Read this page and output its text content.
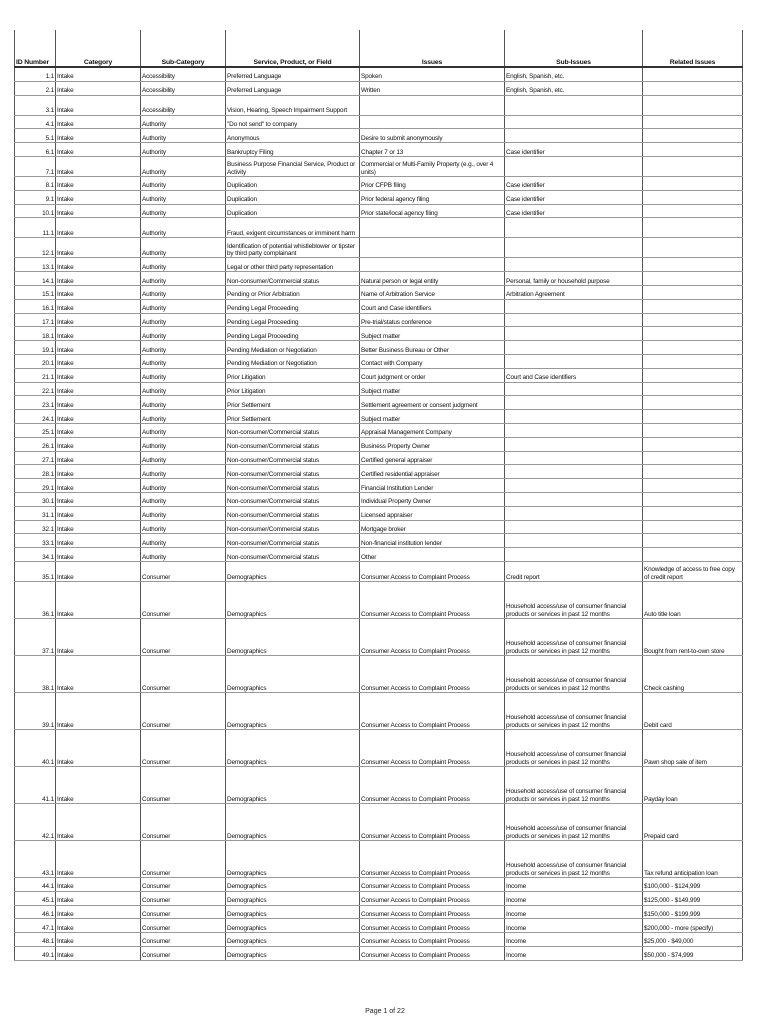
ID Number	Category	Sub-Category	Service, Product, or Field	Issues	Sub-Issues	Related Issues
1.1	Intake	Accessibility	Preferred Language	Spoken	English, Spanish, etc.	
2.1	Intake	Accessibility	Preferred Language	Written	English, Spanish, etc.	
3.1	Intake	Accessibility	Vision, Hearing, Speech Impairment Support			
4.1	Intake	Authority	"Do not send" to company			
5.1	Intake	Authority	Anonymous	Desire to submit anonymously		
6.1	Intake	Authority	Bankruptcy Filing	Chapter 7 or 13	Case identifier	
7.1	Intake	Authority	Business Purpose Financial Service, Product or Activity	Commercial or Multi-Family Property (e.g., over 4 units)		
8.1	Intake	Authority	Duplication	Prior CFPB filing	Case identifier	
9.1	Intake	Authority	Duplication	Prior federal agency filing	Case identifier	
10.1	Intake	Authority	Duplication	Prior state/local agency filing	Case identifier	
11.1	Intake	Authority	Fraud, exigent circumstances or imminent harm			
12.1	Intake	Authority	Identification of potential whistleblower or tipster by third party complainant			
13.1	Intake	Authority	Legal or other third party representation			
14.1	Intake	Authority	Non-consumer/Commercial status	Natural person or legal entity	Personal, family or household purpose	
15.1	Intake	Authority	Pending or Prior Arbitration	Name of Arbitration Service	Arbitration Agreement	
16.1	Intake	Authority	Pending Legal Proceeding	Court and Case identifiers		
17.1	Intake	Authority	Pending Legal Proceeding	Pre-trial/status conference		
18.1	Intake	Authority	Pending Legal Proceeding	Subject matter		
19.1	Intake	Authority	Pending Mediation or Negotiation	Better Business Bureau or Other		
20.1	Intake	Authority	Pending Mediation or Negotiation	Contact with Company		
21.1	Intake	Authority	Prior Litigation	Court judgment or order	Court and Case identifiers	
22.1	Intake	Authority	Prior Litigation	Subject matter		
23.1	Intake	Authority	Prior Settlement	Settlement agreement or consent judgment		
24.1	Intake	Authority	Prior Settlement	Subject matter		
25.1	Intake	Authority	Non-consumer/Commercial status	Appraisal Management Company		
26.1	Intake	Authority	Non-consumer/Commercial status	Business Property Owner		
27.1	Intake	Authority	Non-consumer/Commercial status	Certified general appraiser		
28.1	Intake	Authority	Non-consumer/Commercial status	Certified residential appraiser		
29.1	Intake	Authority	Non-consumer/Commercial status	Financial Institution Lender		
30.1	Intake	Authority	Non-consumer/Commercial status	Individual Property Owner		
31.1	Intake	Authority	Non-consumer/Commercial status	Licensed appraiser		
32.1	Intake	Authority	Non-consumer/Commercial status	Mortgage broker		
33.1	Intake	Authority	Non-consumer/Commercial status	Non-financial institution lender		
34.1	Intake	Authority	Non-consumer/Commercial status	Other		
35.1	Intake	Consumer	Demographics	Consumer Access to Complaint Process	Credit report	Knowledge of access to free copy of credit report
36.1	Intake	Consumer	Demographics	Consumer Access to Complaint Process	Household access/use of consumer financial products or services in past 12 months	Auto title loan
37.1	Intake	Consumer	Demographics	Consumer Access to Complaint Process	Household access/use of consumer financial products or services in past 12 months	Bought from rent-to-own store
38.1	Intake	Consumer	Demographics	Consumer Access to Complaint Process	Household access/use of consumer financial products or services in past 12 months	Check cashing
39.1	Intake	Consumer	Demographics	Consumer Access to Complaint Process	Household access/use of consumer financial products or services in past 12 months	Debit card
40.1	Intake	Consumer	Demographics	Consumer Access to Complaint Process	Household access/use of consumer financial products or services in past 12 months	Pawn shop sale of item
41.1	Intake	Consumer	Demographics	Consumer Access to Complaint Process	Household access/use of consumer financial products or services in past 12 months	Payday loan
42.1	Intake	Consumer	Demographics	Consumer Access to Complaint Process	Household access/use of consumer financial products or services in past 12 months	Prepaid card
43.1	Intake	Consumer	Demographics	Consumer Access to Complaint Process	Household access/use of consumer financial products or services in past 12 months	Tax refund anticipation loan
44.1	Intake	Consumer	Demographics	Consumer Access to Complaint Process	Income	$100,000 - $124,999
45.1	Intake	Consumer	Demographics	Consumer Access to Complaint Process	Income	$125,000 - $149,999
46.1	Intake	Consumer	Demographics	Consumer Access to Complaint Process	Income	$150,000 - $199,999
47.1	Intake	Consumer	Demographics	Consumer Access to Complaint Process	Income	$200,000 - more (specify)
48.1	Intake	Consumer	Demographics	Consumer Access to Complaint Process	Income	$25,000 - $49,000
49.1	Intake	Consumer	Demographics	Consumer Access to Complaint Process	Income	$50,000 - $74,999
Page 1 of 22
